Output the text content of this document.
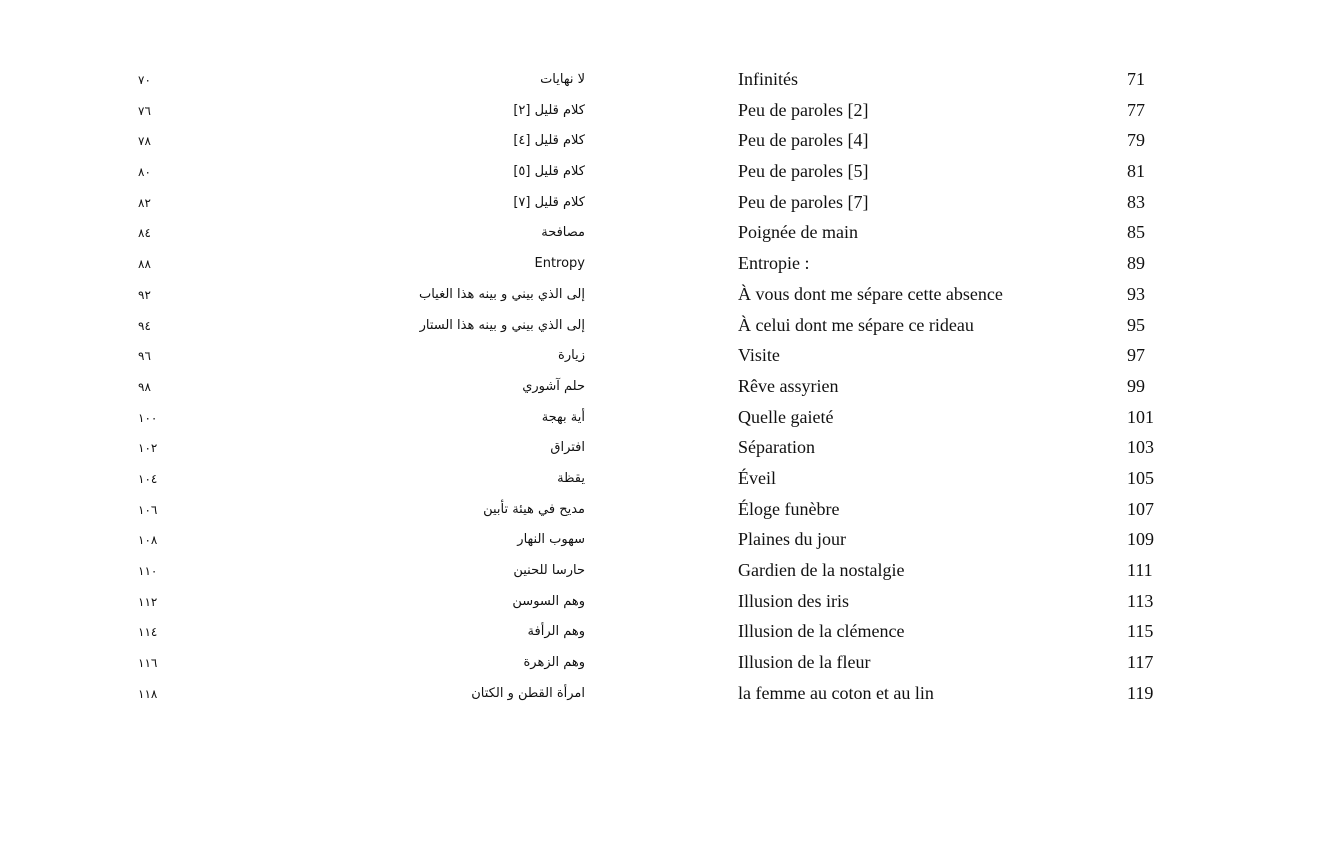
٧٠	لا نهايات	Infinités	71
٧٦	كلام قليل [٢]	Peu de paroles [2]	77
٧٨	كلام قليل [٤]	Peu de paroles [4]	79
٨٠	كلام قليل [٥]	Peu de paroles [5]	81
٨٢	كلام قليل [٧]	Peu de paroles [7]	83
٨٤	مصافحة	Poignée de main	85
٨٨	Entropy	Entropie :	89
٩٢	إلى الذي بيني و بينه هذا الغياب	À vous dont me sépare cette absence	93
٩٤	إلى الذي بيني و بينه هذا الستار	À celui dont me sépare ce rideau	95
٩٦	زيارة	Visite	97
٩٨	حلم آشوري	Rêve assyrien	99
١٠٠	أية بهجة	Quelle gaieté	101
١٠٢	افتراق	Séparation	103
١٠٤	يقظة	Éveil	105
١٠٦	مديح في هيئة تأبين	Éloge funèbre	107
١٠٨	سهوب النهار	Plaines du jour	109
١١٠	حارسا للحنين	Gardien de la nostalgie	111
١١٢	وهم السوسن	Illusion des iris	113
١١٤	وهم الرأفة	Illusion de la clémence	115
١١٦	وهم الزهرة	Illusion de la fleur	117
١١٨	امرأة القطن و الكتان	la femme au coton et au lin	119
